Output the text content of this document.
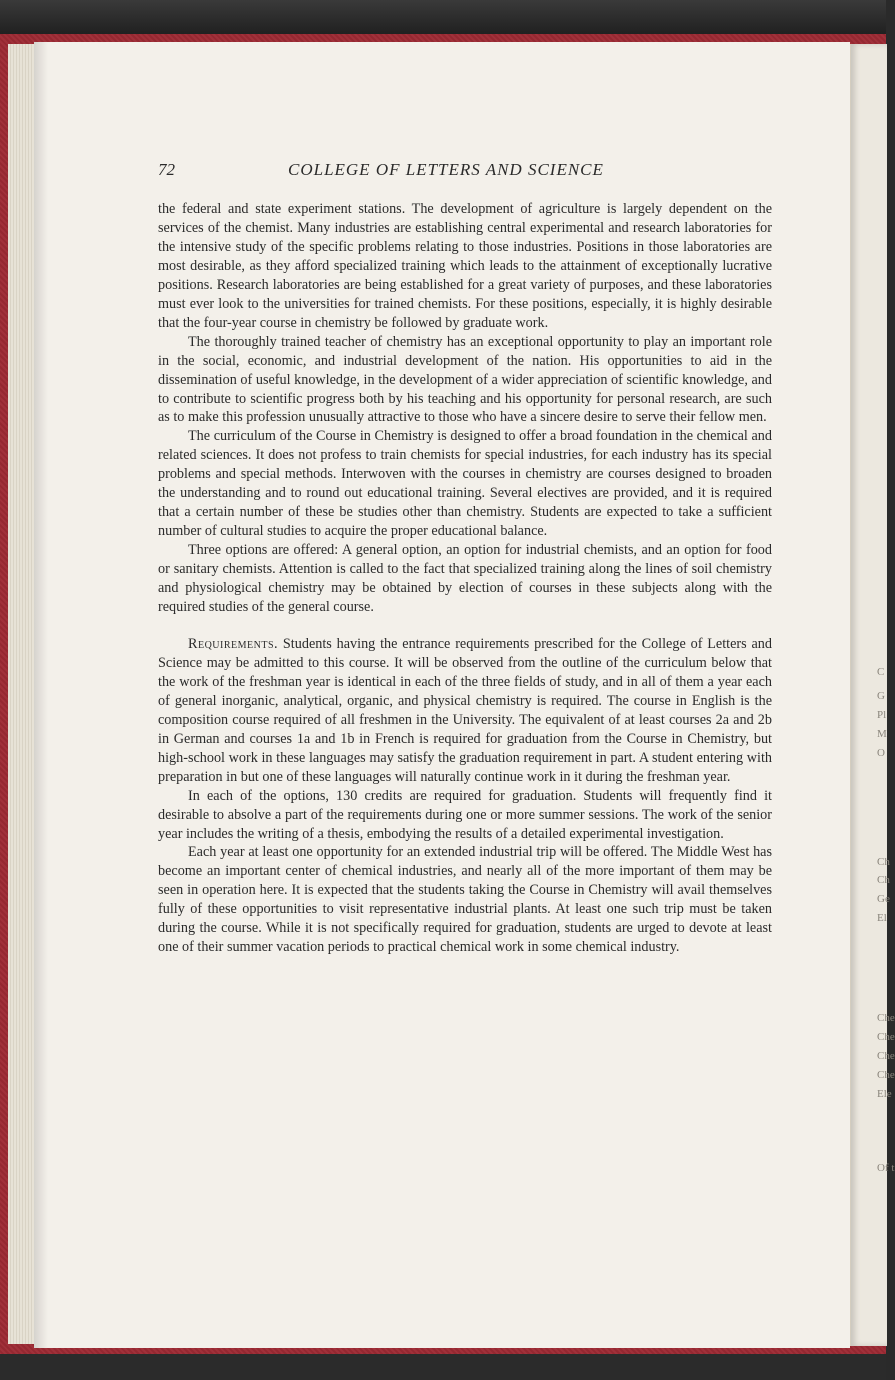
C
G
Pl
M
O
Ch
Ch
Ge
El
Che
Che
Che
Che
Ele
Of t
72	COLLEGE OF LETTERS AND SCIENCE

the federal and state experiment stations. The development of agriculture is largely dependent on the services of the chemist. Many industries are establishing central experimental and research laboratories for the intensive study of the specific problems relating to those industries. Positions in those laboratories are most desirable, as they afford specialized training which leads to the attainment of exceptionally lucrative positions. Research laboratories are being established for a great variety of purposes, and these laboratories must ever look to the universities for trained chemists. For these positions, especially, it is highly desirable that the four-year course in chemistry be followed by graduate work.

The thoroughly trained teacher of chemistry has an exceptional opportunity to play an important role in the social, economic, and industrial development of the nation. His opportunities to aid in the dissemination of useful knowledge, in the development of a wider appreciation of scientific knowledge, and to contribute to scientific progress both by his teaching and his opportunity for personal research, are such as to make this profession unusually attractive to those who have a sincere desire to serve their fellow men.

The curriculum of the Course in Chemistry is designed to offer a broad foundation in the chemical and related sciences. It does not profess to train chemists for special industries, for each industry has its special problems and special methods. Interwoven with the courses in chemistry are courses designed to broaden the understanding and to round out educational training. Several electives are provided, and it is required that a certain number of these be studies other than chemistry. Students are expected to take a sufficient number of cultural studies to acquire the proper educational balance.

Three options are offered: A general option, an option for industrial chemists, and an option for food or sanitary chemists. Attention is called to the fact that specialized training along the lines of soil chemistry and physiological chemistry may be obtained by election of courses in these subjects along with the required studies of the general course.

Requirements. Students having the entrance requirements prescribed for the College of Letters and Science may be admitted to this course. It will be observed from the outline of the curriculum below that the work of the freshman year is identical in each of the three fields of study, and in all of them a year each of general inorganic, analytical, organic, and physical chemistry is required. The course in English is the composition course required of all freshmen in the University. The equivalent of at least courses 2a and 2b in German and courses 1a and 1b in French is required for graduation from the Course in Chemistry, but high-school work in these languages may satisfy the graduation requirement in part. A student entering with preparation in but one of these languages will naturally continue work in it during the freshman year.

In each of the options, 130 credits are required for graduation. Students will frequently find it desirable to absolve a part of the requirements during one or more summer sessions. The work of the senior year includes the writing of a thesis, embodying the results of a detailed experimental investigation.

Each year at least one opportunity for an extended industrial trip will be offered. The Middle West has become an important center of chemical industries, and nearly all of the more important of them may be seen in operation here. It is expected that the students taking the Course in Chemistry will avail themselves fully of these opportunities to visit representative industrial plants. At least one such trip must be taken during the course. While it is not specifically required for graduation, students are urged to devote at least one of their summer vacation periods to practical chemical work in some chemical industry.
